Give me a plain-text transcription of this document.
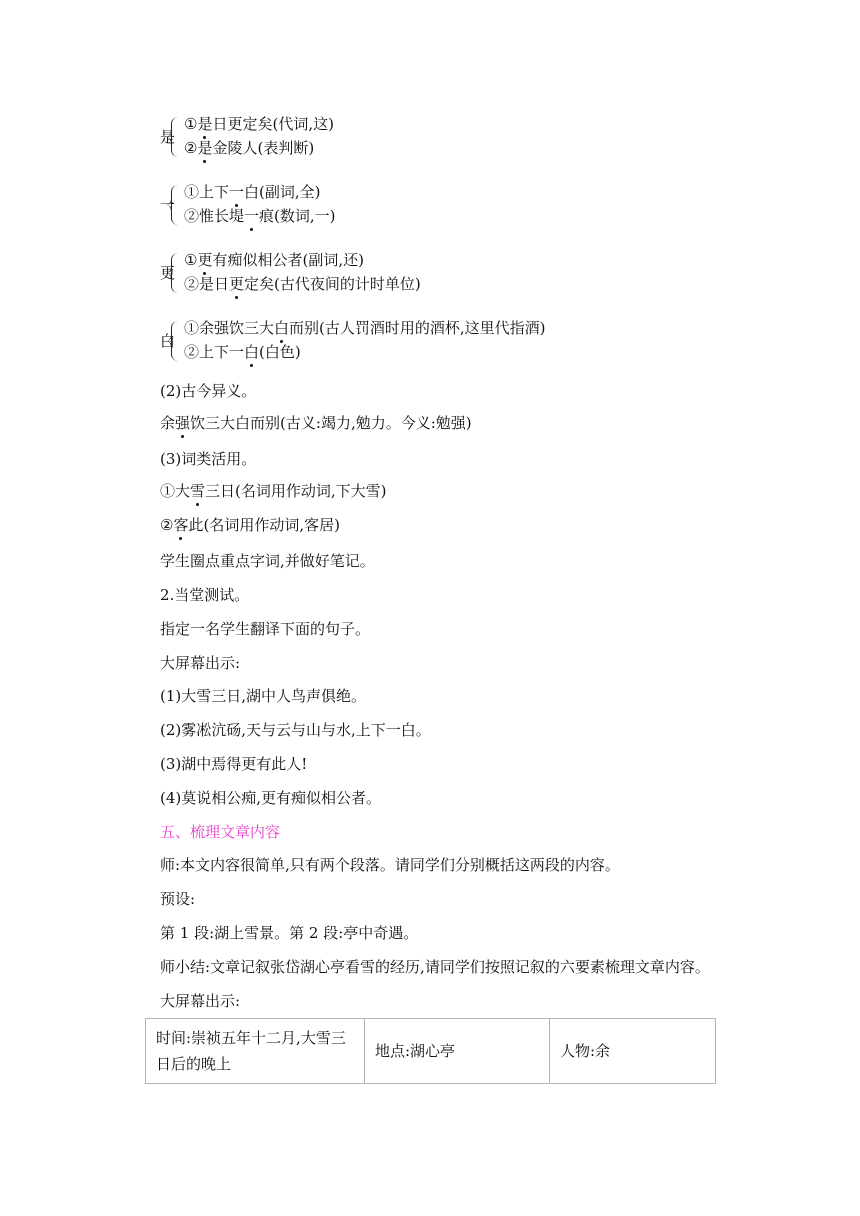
是
①是日更定矣(代词,这)
②是金陵人(表判断)
一
①上下一白(副词,全)
②惟长堤一痕(数词,一)
更
①更有痴似相公者(副词,还)
②是日更定矣(古代夜间的计时单位)
白
①余强饮三大白而别(古人罚酒时用的酒杯,这里代指酒)
②上下一白(白色)
(2)古今异义。
余强饮三大白而别(古义:竭力,勉力。今义:勉强)
(3)词类活用。
①大雪三日(名词用作动词,下大雪)
②客此(名词用作动词,客居)
学生圈点重点字词,并做好笔记。
2.当堂测试。
指定一名学生翻译下面的句子。
大屏幕出示:
(1)大雪三日,湖中人鸟声俱绝。
(2)雾凇沆砀,天与云与山与水,上下一白。
(3)湖中焉得更有此人!
(4)莫说相公痴,更有痴似相公者。
五、梳理文章内容
师:本文内容很简单,只有两个段落。请同学们分别概括这两段的内容。
预设:
第 1 段:湖上雪景。第 2 段:亭中奇遇。
师小结:文章记叙张岱湖心亭看雪的经历,请同学们按照记叙的六要素梳理文章内容。
大屏幕出示:
时间:崇祯五年十二月,大雪三日后的晚上	地点:湖心亭	人物:余
